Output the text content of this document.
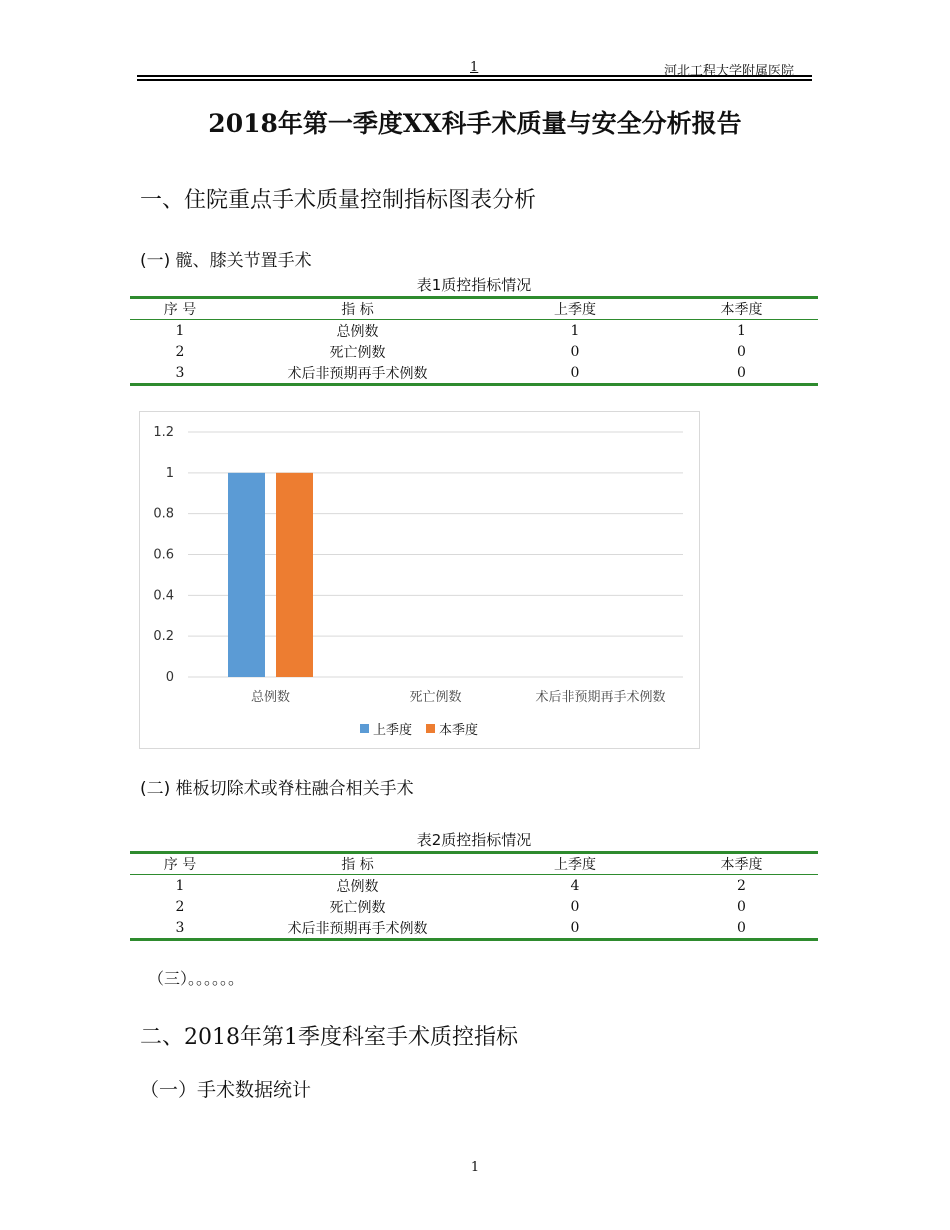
1	河北工程大学附属医院
2018年第一季度XX科手术质量与安全分析报告
一、住院重点手术质量控制指标图表分析
(一) 髋、膝关节置手术
表1质控指标情况
序 号	指 标	上季度	本季度
1	总例数	1	1
2	死亡例数	0	0
3	术后非预期再手术例数	0	0
0
0.2
0.4
0.6
0.8
1
1.2
总例数	死亡例数	术后非预期再手术例数
上季度 本季度
(二) 椎板切除术或脊柱融合相关手术
表2质控指标情况
序 号	指 标	上季度	本季度
1	总例数	4	2
2	死亡例数	0	0
3	术后非预期再手术例数	0	0
（三）。。。。。。
二、2018年第1季度科室手术质控指标
（一）手术数据统计
1
